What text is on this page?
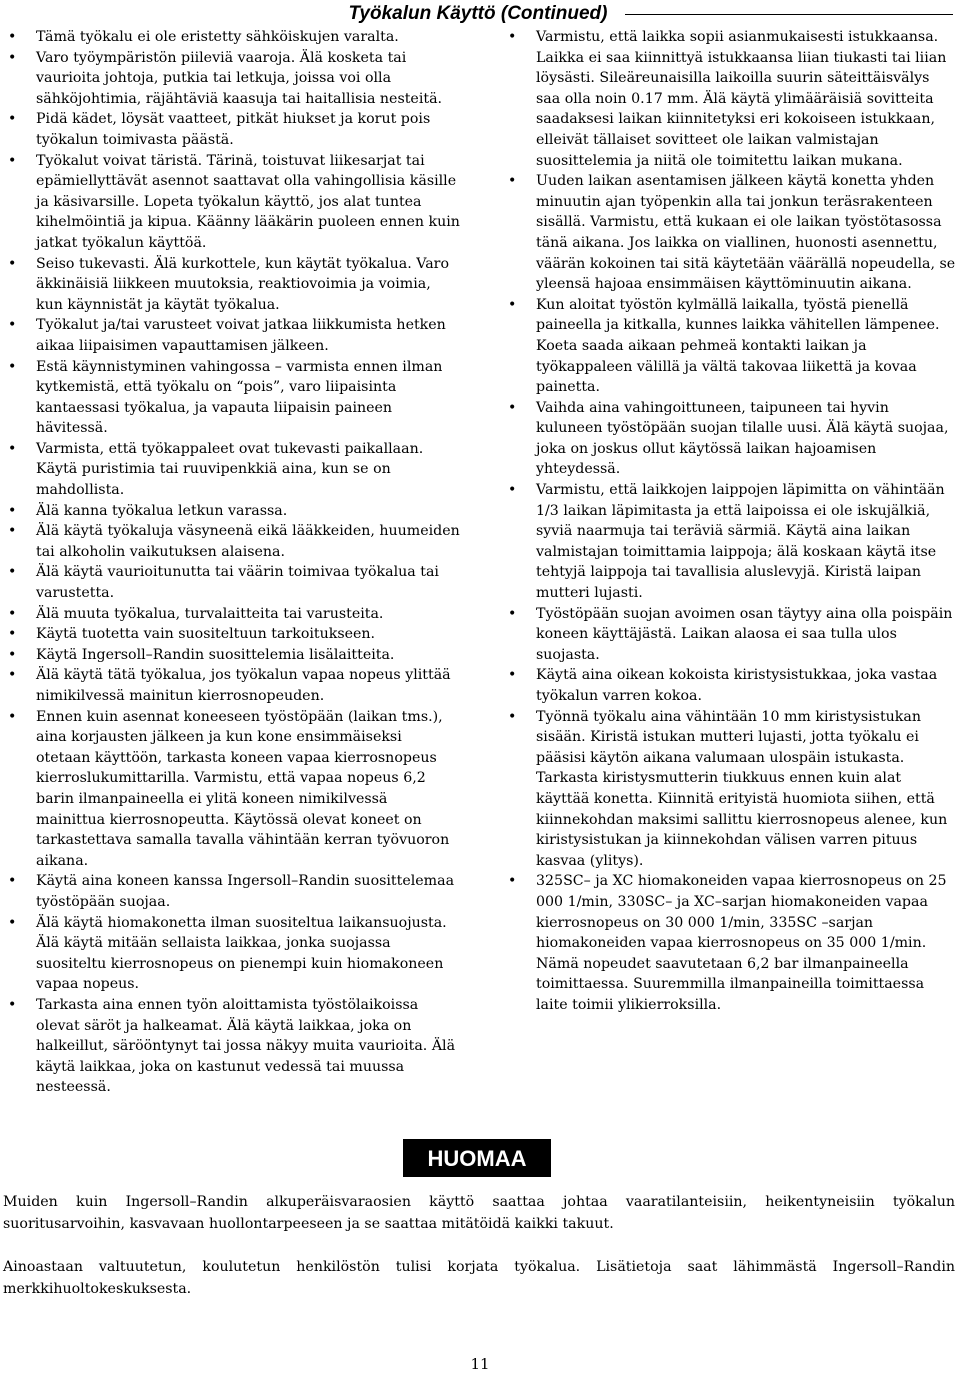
Työkalun Käyttö (Continued)
• Tämä työkalu ei ole eristetty sähköiskujen varalta.
• Varo työympäristön piileviä vaaroja. Älä kosketa tai vaurioita johtoja, putkia tai letkuja, joissa voi olla sähköjohtimia, räjähtäviä kaasuja tai haitallisia nesteitä.
• Pidä kädet, löysät vaatteet, pitkät hiukset ja korut pois työkalun toimivasta päästä.
• Työkalut voivat täristä. Tärinä, toistuvat liikesarjat tai epämiellyttävät asennot saattavat olla vahingollisia käsille ja käsivarsille. Lopeta työkalun käyttö, jos alat tuntea kihelmöintiä ja kipua. Käänny lääkärin puoleen ennen kuin jatkat työkalun käyttöä.
• Seiso tukevasti. Älä kurkottele, kun käytät työkalua. Varo äkkinäisiä liikkeen muutoksia, reaktiovoimia ja voimia, kun käynnistät ja käytät työkalua.
• Työkalut ja/tai varusteet voivat jatkaa liikkumista hetken aikaa liipaisimen vapauttamisen jälkeen.
• Estä käynnistyminen vahingossa – varmista ennen ilman kytkemistä, että työkalu on “pois”, varo liipaisinta kantaessasi työkalua, ja vapauta liipaisin paineen hävitessä.
• Varmista, että työkappaleet ovat tukevasti paikallaan. Käytä puristimia tai ruuvipenkkiä aina, kun se on mahdollista.
• Älä kanna työkalua letkun varassa.
• Älä käytä työkaluja väsyneenä eikä lääkkeiden, huumeiden tai alkoholin vaikutuksen alaisena.
• Älä käytä vaurioitunutta tai väärin toimivaa työkalua tai varustetta.
• Älä muuta työkalua, turvalaitteita tai varusteita.
• Käytä tuotetta vain suositeltuun tarkoitukseen.
• Käytä Ingersoll–Randin suosittelemia lisälaitteita.
• Älä käytä tätä työkalua, jos työkalun vapaa nopeus ylittää nimikilvessä mainitun kierrosnopeuden.
• Ennen kuin asennat koneeseen työstöpään (laikan tms.), aina korjausten jälkeen ja kun kone ensimmäiseksi otetaan käyttöön, tarkasta koneen vapaa kierrosnopeus kierroslukumittarilla. Varmistu, että vapaa nopeus 6,2 barin ilmanpaineella ei ylitä koneen nimikilvessä mainittua kierrosnopeutta. Käytössä olevat koneet on tarkastettava samalla tavalla vähintään kerran työvuoron aikana.
• Käytä aina koneen kanssa Ingersoll–Randin suosittelemaa työstöpään suojaa.
• Älä käytä hiomakonetta ilman suositeltua laikansuojusta. Älä käytä mitään sellaista laikkaa, jonka suojassa suositeltu kierrosnopeus on pienempi kuin hiomakoneen vapaa nopeus.
• Tarkasta aina ennen työn aloittamista työstölaikoissa olevat säröt ja halkeamat. Älä käytä laikkaa, joka on halkeillut, särööntynyt tai jossa näkyy muita vaurioita. Älä käytä laikkaa, joka on kastunut vedessä tai muussa nesteessä.
• Varmistu, että laikka sopii asianmukaisesti istukkaansa. Laikka ei saa kiinnittyä istukkaansa liian tiukasti tai liian löysästi. Sileäreunaisilla laikoilla suurin säteittäisvälys saa olla noin 0.17 mm. Älä käytä ylimääräisiä sovitteita saadaksesi laikan kiinnitetyksi eri kokoiseen istukkaan, elleivät tällaiset sovitteet ole laikan valmistajan suosittelemia ja niitä ole toimitettu laikan mukana.
• Uuden laikan asentamisen jälkeen käytä konetta yhden minuutin ajan työpenkin alla tai jonkun teräsrakenteen sisällä. Varmistu, että kukaan ei ole laikan työstötasossa tänä aikana. Jos laikka on viallinen, huonosti asennettu, väärän kokoinen tai sitä käytetään väärällä nopeudella, se yleensä hajoaa ensimmäisen käyttöminuutin aikana.
• Kun aloitat työstön kylmällä laikalla, työstä pienellä paineella ja kitkalla, kunnes laikka vähitellen lämpenee. Koeta saada aikaan pehmeä kontakti laikan ja työkappaleen välillä ja vältä takovaa liikettä ja kovaa painetta.
• Vaihda aina vahingoittuneen, taipuneen tai hyvin kuluneen työstöpään suojan tilalle uusi. Älä käytä suojaa, joka on joskus ollut käytössä laikan hajoamisen yhteydessä.
• Varmistu, että laikkojen laippojen läpimitta on vähintään 1/3 laikan läpimitasta ja että laipoissa ei ole iskujälkiä, syviä naarmuja tai teräviä särmiä. Käytä aina laikan valmistajan toimittamia laippoja; älä koskaan käytä itse tehtyjä laippoja tai tavallisia aluslevyjä. Kiristä laipan mutteri lujasti.
• Työstöpään suojan avoimen osan täytyy aina olla poispäin koneen käyttäjästä. Laikan alaosa ei saa tulla ulos suojasta.
• Käytä aina oikean kokoista kiristysistukkaa, joka vastaa työkalun varren kokoa.
• Työnnä työkalu aina vähintään 10 mm kiristysistukan sisään. Kiristä istukan mutteri lujasti, jotta työkalu ei pääsisi käytön aikana valumaan ulospäin istukasta. Tarkasta kiristysmutterin tiukkuus ennen kuin alat käyttää konetta. Kiinnitä erityistä huomiota siihen, että kiinnekohdan maksimi sallittu kierrosnopeus alenee, kun kiristysistukan ja kiinnekohdan välisen varren pituus kasvaa (ylitys).
• 325SC– ja XC hiomakoneiden vapaa kierrosnopeus on 25 000 1/min, 330SC– ja XC–sarjan hiomakoneiden vapaa kierrosnopeus on 30 000 1/min, 335SC –sarjan hiomakoneiden vapaa kierrosnopeus on 35 000 1/min. Nämä nopeudet saavutetaan 6,2 bar ilmanpaineella toimittaessa. Suuremmilla ilmanpaineilla toimittaessa laite toimii ylikierroksilla.
HUOMAA
Muiden kuin Ingersoll–Randin alkuperäisvaraosien käyttö saattaa johtaa vaaratilanteisiin, heikentyneisiin työkalun suoritusarvoihin, kasvavaan huollontarpeeseen ja se saattaa mitätöidä kaikki takuut.
Ainoastaan valtuutetun, koulutetun henkilöstön tulisi korjata työkalua. Lisätietoja saat lähimmästä Ingersoll–Randin merkkihuoltokeskuksesta.
11
